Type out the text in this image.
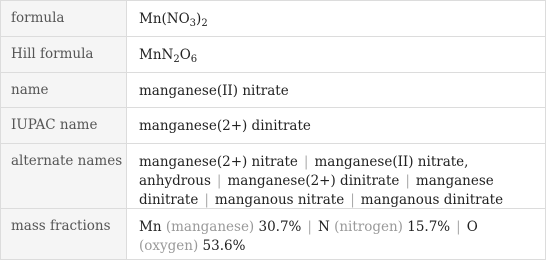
formula	$Mn(NO_3)_2$
Hill formula	$MnN_2O_6$
name	manganese(II) nitrate
IUPAC name	manganese(2+) dinitrate
alternate names	manganese(2+) nitrate | manganese(II) nitrate, anhydrous | manganese(2+) dinitrate | manganese dinitrate | manganous nitrate | manganous dinitrate
mass fractions	Mn (manganese) 30.7% | N (nitrogen) 15.7% | O (oxygen) 53.6%
